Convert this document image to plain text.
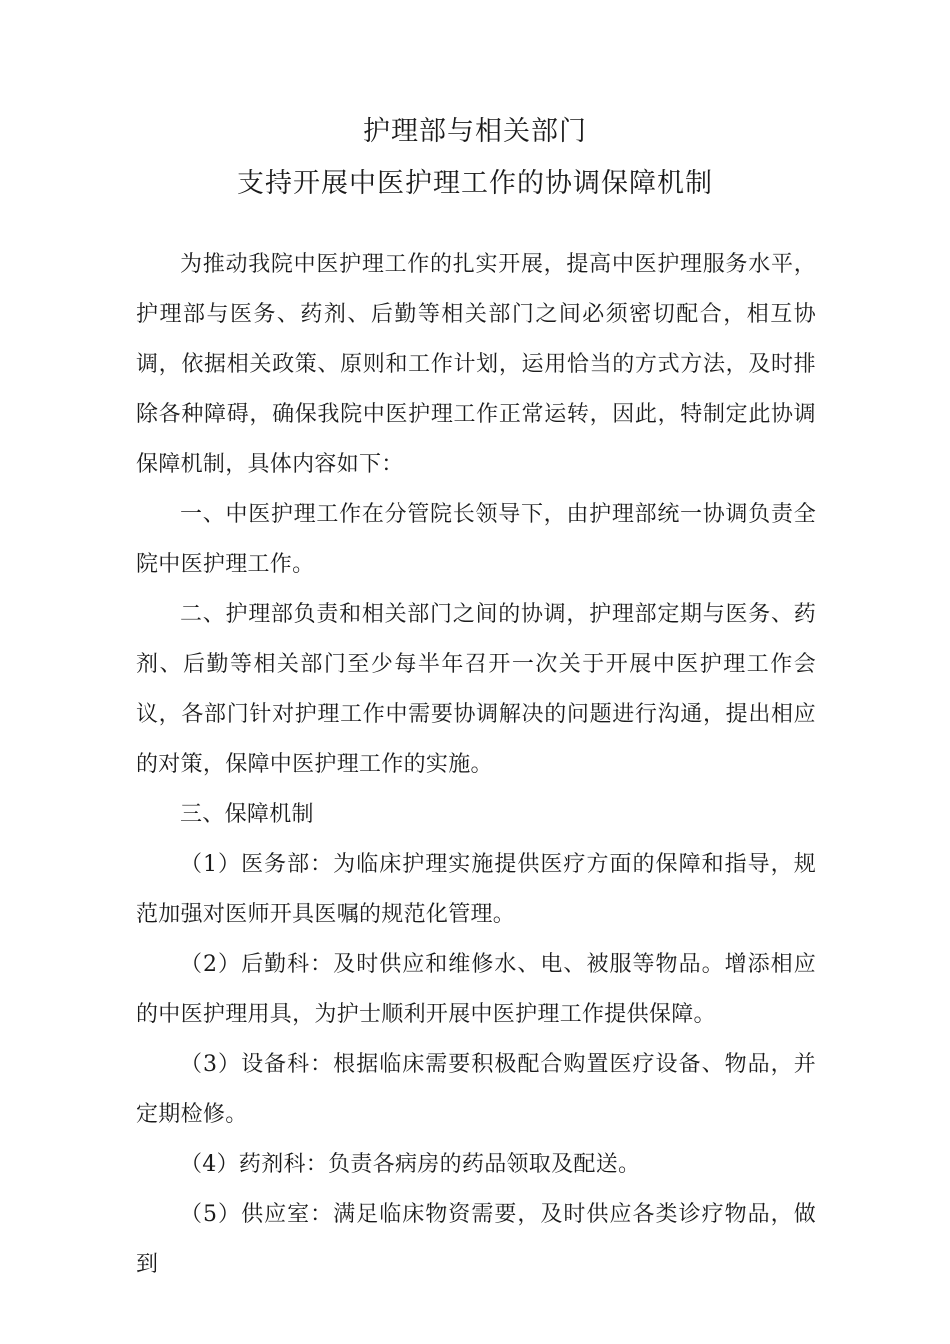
护理部与相关部门
支持开展中医护理工作的协调保障机制

为推动我院中医护理工作的扎实开展，提高中医护理服务水平，护理部与医务、药剂、后勤等相关部门之间必须密切配合，相互协调，依据相关政策、原则和工作计划，运用恰当的方式方法，及时排除各种障碍，确保我院中医护理工作正常运转，因此，特制定此协调保障机制，具体内容如下：

一、中医护理工作在分管院长领导下，由护理部统一协调负责全院中医护理工作。

二、护理部负责和相关部门之间的协调，护理部定期与医务、药剂、后勤等相关部门至少每半年召开一次关于开展中医护理工作会议，各部门针对护理工作中需要协调解决的问题进行沟通，提出相应的对策，保障中医护理工作的实施。

三、保障机制

（1）医务部：为临床护理实施提供医疗方面的保障和指导，规范加强对医师开具医嘱的规范化管理。

（2）后勤科：及时供应和维修水、电、被服等物品。增添相应的中医护理用具，为护士顺利开展中医护理工作提供保障。

（3）设备科：根据临床需要积极配合购置医疗设备、物品，并定期检修。

（4）药剂科：负责各病房的药品领取及配送。

（5）供应室：满足临床物资需要，及时供应各类诊疗物品，做到
